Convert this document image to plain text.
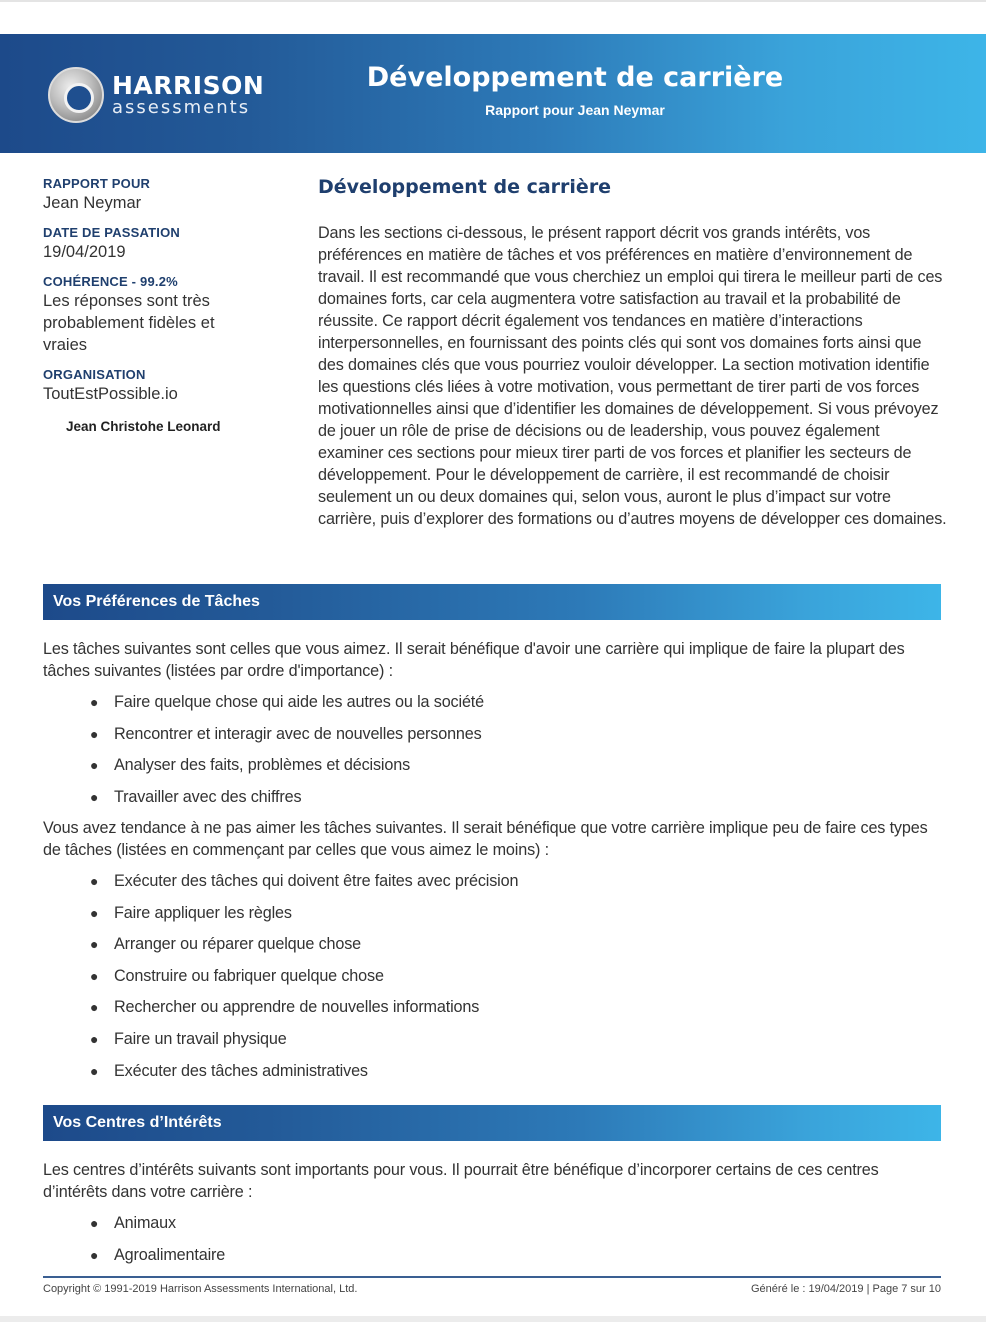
HARRISON
assessments
Développement de carrière
Rapport pour Jean Neymar
RAPPORT POUR
Jean Neymar
DATE DE PASSATION
19/04/2019
COHÉRENCE - 99.2%
Les réponses sont très probablement fidèles et vraies
ORGANISATION
ToutEstPossible.io
Jean Christohe Leonard
Développement de carrière

Dans les sections ci-dessous, le présent rapport décrit vos grands intérêts, vos préférences en matière de tâches et vos préférences en matière d’environnement de travail. Il est recommandé que vous cherchiez un emploi qui tirera le meilleur parti de ces domaines forts, car cela augmentera votre satisfaction au travail et la probabilité de réussite. Ce rapport décrit également vos tendances en matière d’interactions interpersonnelles, en fournissant des points clés qui sont vos domaines forts ainsi que des domaines clés que vous pourriez vouloir développer. La section motivation identifie les questions clés liées à votre motivation, vous permettant de tirer parti de vos forces motivationnelles ainsi que d’identifier les domaines de développement. Si vous prévoyez de jouer un rôle de prise de décisions ou de leadership, vous pouvez également examiner ces sections pour mieux tirer parti de vos forces et planifier les secteurs de développement. Pour le développement de carrière, il est recommandé de choisir seulement un ou deux domaines qui, selon vous, auront le plus d’impact sur votre carrière, puis d’explorer des formations ou d’autres moyens de développer ces domaines.

Vos Préférences de Tâches

Les tâches suivantes sont celles que vous aimez. Il serait bénéfique d'avoir une carrière qui implique de faire la plupart des tâches suivantes (listées par ordre d'importance) :

● Faire quelque chose qui aide les autres ou la société
● Rencontrer et interagir avec de nouvelles personnes
● Analyser des faits, problèmes et décisions
● Travailler avec des chiffres

Vous avez tendance à ne pas aimer les tâches suivantes. Il serait bénéfique que votre carrière implique peu de faire ces types de tâches (listées en commençant par celles que vous aimez le moins) :

● Exécuter des tâches qui doivent être faites avec précision
● Faire appliquer les règles
● Arranger ou réparer quelque chose
● Construire ou fabriquer quelque chose
● Rechercher ou apprendre de nouvelles informations
● Faire un travail physique
● Exécuter des tâches administratives
Vos Centres d’Intérêts

Les centres d’intérêts suivants sont importants pour vous. Il pourrait être bénéfique d’incorporer certains de ces centres d’intérêts dans votre carrière :

● Animaux
● Agroalimentaire
Copyright © 1991-2019 Harrison Assessments International, Ltd.	Généré le : 19/04/2019 | Page 7 sur 10
